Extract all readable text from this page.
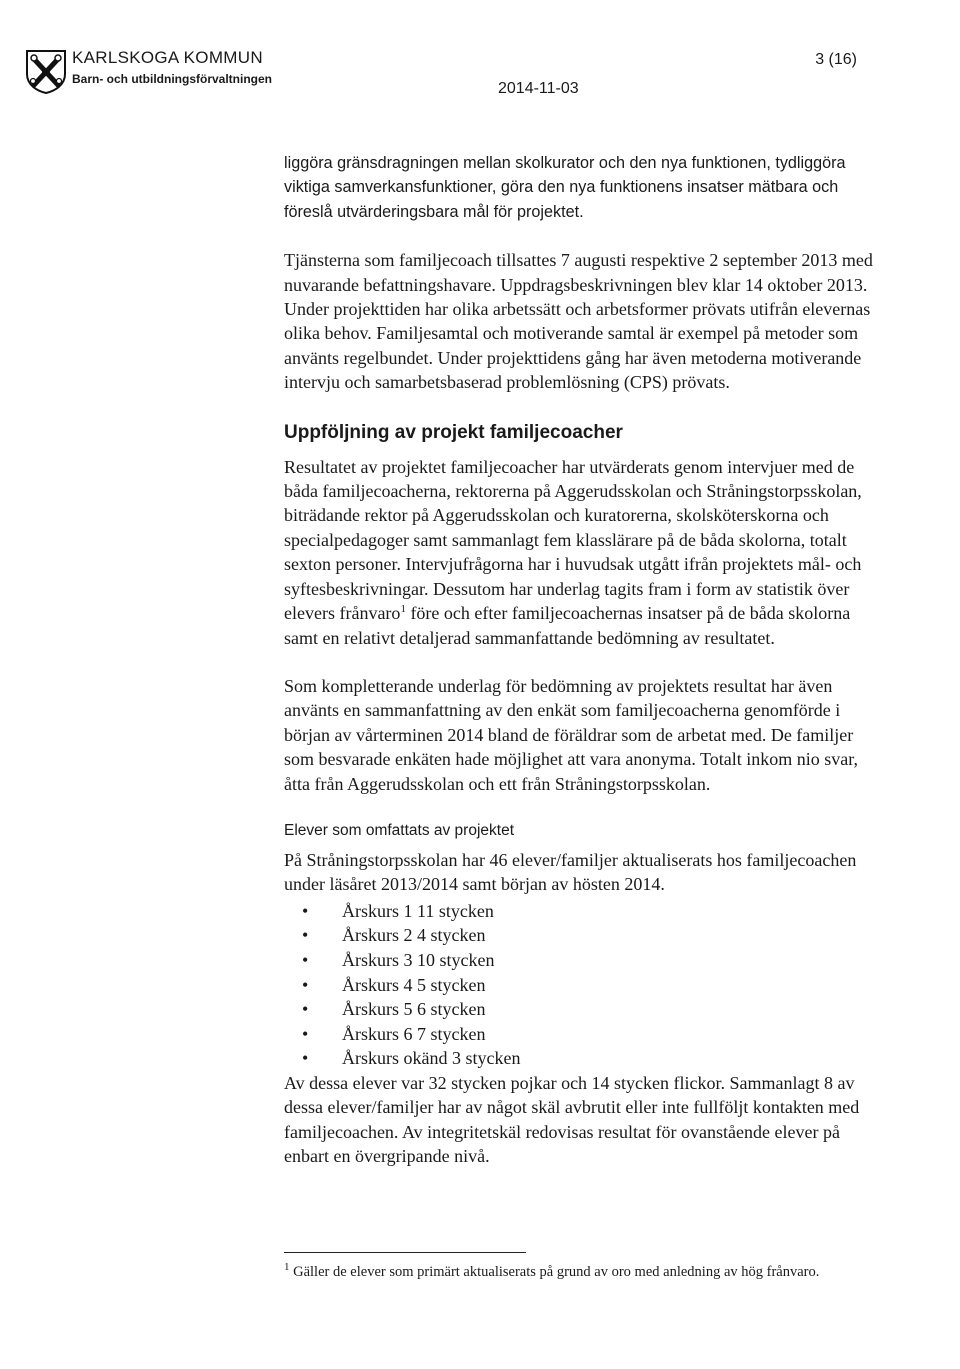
KARLSKOGA KOMMUN
Barn- och utbildningsförvaltningen
2014-11-03
3 (16)

liggöra gränsdragningen mellan skolkurator och den nya funktionen, tydliggöra viktiga samverkansfunktioner, göra den nya funktionens insatser mätbara och föreslå utvärderingsbara mål för projektet.

Tjänsterna som familjecoach tillsattes 7 augusti respektive 2 september 2013 med nuvarande befattningshavare. Uppdragsbeskrivningen blev klar 14 oktober 2013. Under projekttiden har olika arbetssätt och arbetsformer prövats utifrån elevernas olika behov. Familjesamtal och motiverande samtal är exempel på metoder som använts regelbundet. Under projekttidens gång har även metoderna motiverande intervju och samarbetsbaserad problemlösning (CPS) prövats.

Uppföljning av projekt familjecoacher

Resultatet av projektet familjecoacher har utvärderats genom intervjuer med de båda familjecoacherna, rektorerna på Aggerudsskolan och Stråningstorpsskolan, biträdande rektor på Aggerudsskolan och kuratorerna, skolsköterskorna och specialpedagoger samt sammanlagt fem klasslärare på de båda skolorna, totalt sexton personer. Intervjufrågorna har i huvudsak utgått ifrån projektets mål- och syftesbeskrivningar. Dessutom har underlag tagits fram i form av statistik över elevers frånvaro$^1$ före och efter familjecoachernas insatser på de båda skolorna samt en relativt detaljerad sammanfattande bedömning av resultatet.

Som kompletterande underlag för bedömning av projektets resultat har även använts en sammanfattning av den enkät som familjecoacherna genomförde i början av vårterminen 2014 bland de föräldrar som de arbetat med. De familjer som besvarade enkäten hade möjlighet att vara anonyma. Totalt inkom nio svar, åtta från Aggerudsskolan och ett från Stråningstorpsskolan.

Elever som omfattats av projektet

På Stråningstorpsskolan har 46 elever/familjer aktualiserats hos familjecoachen under läsåret 2013/2014 samt början av hösten 2014.

• Årskurs 1 11 stycken
• Årskurs 2 4 stycken
• Årskurs 3 10 stycken
• Årskurs 4 5 stycken
• Årskurs 5 6 stycken
• Årskurs 6 7 stycken
• Årskurs okänd 3 stycken

Av dessa elever var 32 stycken pojkar och 14 stycken flickor. Sammanlagt 8 av dessa elever/familjer har av något skäl avbrutit eller inte fullföljt kontakten med familjecoachen. Av integritetskäl redovisas resultat för ovanstående elever på enbart en övergripande nivå.

$^1$ Gäller de elever som primärt aktualiserats på grund av oro med anledning av hög frånvaro.
